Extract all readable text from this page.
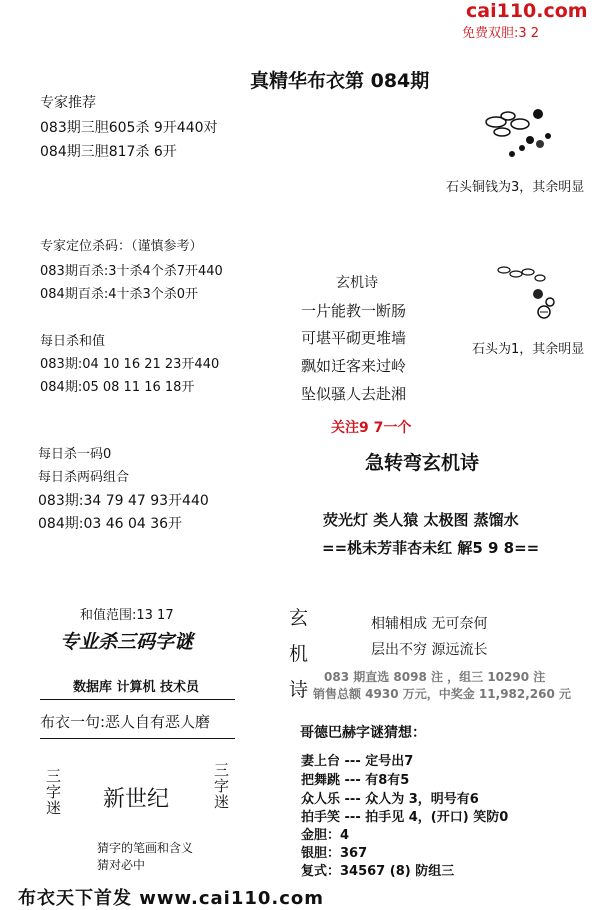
cai110.com
免费双胆:3 2
真精华布衣第 084期
专家推荐
083期三胆605杀 9开440对
084期三胆817杀 6开
石头铜钱为3，其余明显
专家定位杀码：（谨慎参考）
083期百杀:3十杀4个杀7开440
084期百杀:4十杀3个杀0开
石头为1，其余明显
每日杀和值
083期:04 10 16 21 23开440
084期:05 08 11 16 18开
玄机诗
一片能教一断肠
可堪平砌更堆墙
飘如迁客来过岭
坠似骚人去赴湘
关注9 7一个
每日杀一码0
每日杀两码组合
083期:34 79 47 93开440
084期:03 46 04 36开
急转弯玄机诗
荧光灯 类人猿 太极图 蒸馏水
==桃未芳菲杏未红 解5 9 8==
和值范围:13 17
专业杀三码字谜
数据库 计算机 技术员
布衣一句:恶人自有恶人磨
三字迷 新世纪	三字迷
猜字的笔画和含义
猜对必中
玄
机
诗
相辅相成 无可奈何
层出不穷 源远流长
083 期直选 8098 注 ，组三 10290 注
销售总额 4930 万元，中奖金 11,982,260 元
哥德巴赫字谜猜想：
妻上台 --- 定号出7
把舞跳 --- 有8有5
众人乐 --- 众人为 3，明号有6
拍手笑 --- 拍手见 4，(开口) 笑防0
金胆：4
银胆：367
复式：34567 (8) 防组三
布衣天下首发 www.cai110.com
